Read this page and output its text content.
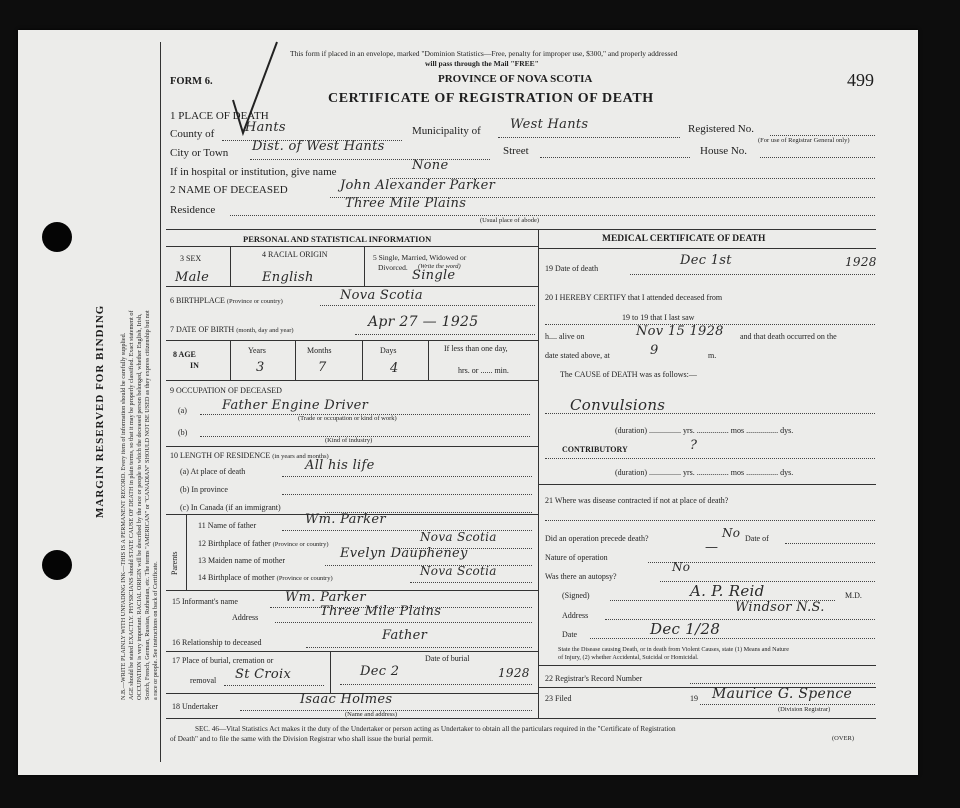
MARGIN RESERVED FOR BINDING N.B.—WRITE PLAINLY WITH UNFADING INK—THIS IS A PERMANENT RECORD. Every item of information should be carefully supplied. AGE should be stated EXACTLY. PHYSICIANS should STATE CAUSE OF DEATH in plain terms, so that it may be properly classified. Exact statement of OCCUPATION is very important. RACIAL ORIGIN will be described by the race or people to which the deceased person belonged, whether English, Irish, Scotch, French, German, Russian, Ruthenian, etc. The terms "AMERICAN" or "CANADIAN" SHOULD NOT BE USED as they express citizenship but not a race or people. See instructions on back of Certificate.
This form if placed in an envelope, marked "Dominion Statistics—Free, penalty for improper use, $300," and properly addressed
will pass through the Mail "FREE"
FORM 6.	PROVINCE OF NOVA SCOTIA
CERTIFICATE OF REGISTRATION OF DEATH
499
1 PLACE OF DEATH
County of Hants	Municipality of West Hants	Registered No.
(For use of Registrar General only)
City or Town Dist. of West Hants	Street	House No.
If in hospital or institution, give name	None
2 NAME OF DECEASED	John Alexander Parker
Residence	Three Mile Plains
(Usual place of abode)
PERSONAL AND STATISTICAL INFORMATION
3 SEX	4 RACIAL ORIGIN	5 Single, Married, Widowed or
Divorced. (Write the word)
Male	English	Single
6 BIRTHPLACE (Province or country)	Nova Scotia
7 DATE OF BIRTH (month, day and year)
Apr 27 — 1925
8 AGE
IN
Years	Months	Days	If less than one day,
hrs. or ...... min.
3	7	4
9 OCCUPATION OF DECEASED
(a)	Father Engine Driver
(Trade or occupation or kind of work)
(b)
(Kind of industry)
10 LENGTH OF RESIDENCE (in years and months)
(a) At place of death	All his life
(b) In province
(c) In Canada (if an immigrant)
Parents
11 Name of father	Wm. Parker
12 Birthplace of father (Province or country)
Nova Scotia
13 Maiden name of mother	Evelyn Daupheney
14 Birthplace of mother (Province or country)
Nova Scotia
15 Informant's name	Wm. Parker
Address	Three Mile Plains
16 Relationship to deceased	Father
17 Place of burial, cremation or
removal St Croix
Date of burial
Dec 2	1928
18 Undertaker	Isaac Holmes
(Name and address)
MEDICAL CERTIFICATE OF DEATH
19 Date of death
Dec 1st	1928
20 I HEREBY CERTIFY that I attended deceased from
19 to 19 that I last saw
h.... alive on	Nov 15 1928 and that death occurred on the
date stated above, at	9	m.
The CAUSE of DEATH was as follows:—
Convulsions
(duration) ................ yrs. ................ mos ................ dys.
CONTRIBUTORY	?
(duration) ................ yrs. ................ mos ................ dys.
21 Where was disease contracted if not at place of death?
Did an operation precede death?	No Date of
Nature of operation
—
Was there an autopsy?
No
(Signed)	A. P. Reid	M.D.
Address
Windsor N.S.
Date	Dec 1/28
State the Disease causing Death, or in death from Violent Causes, state (1) Means and Nature
of Injury, (2) whether Accidental, Suicidal or Homicidal.
22 Registrar's Record Number
23 Filed	19 Maurice G. Spence
(Division Registrar)
SEC. 46—Vital Statistics Act makes it the duty of the Undertaker or person acting as Undertaker to obtain all the particulars required in the "Certificate of Registration
of Death" and to file the same with the Division Registrar who shall issue the burial permit.	(OVER)
